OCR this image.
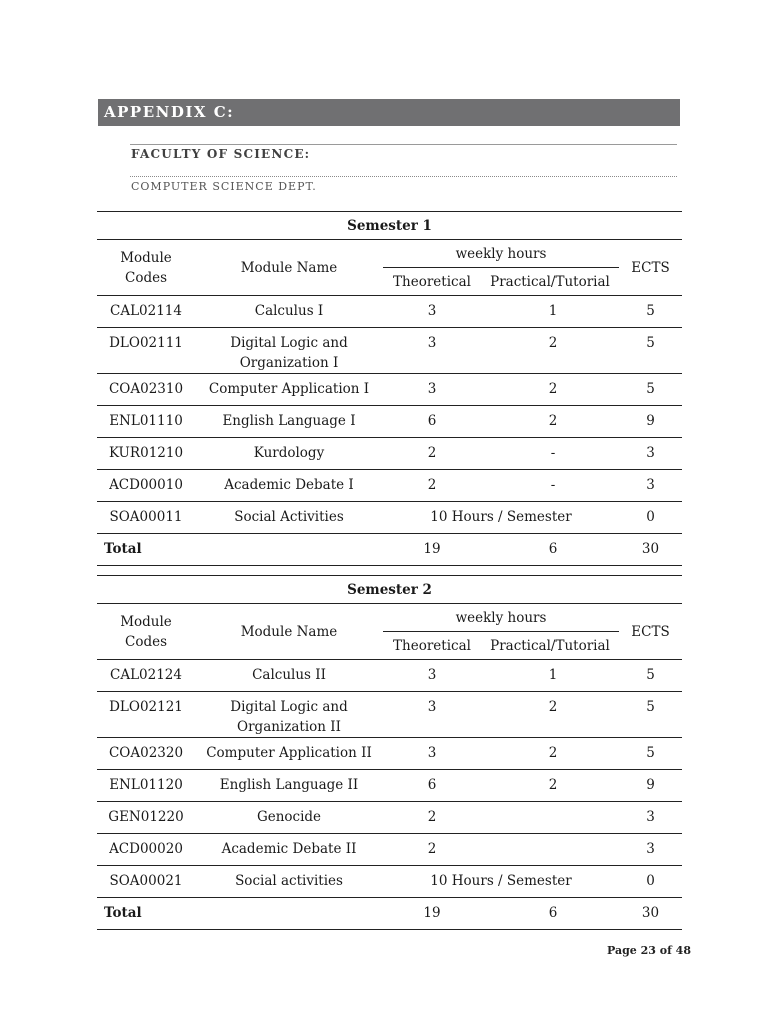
APPENDIX C:
FACULTY OF SCIENCE:
COMPUTER SCIENCE DEPT.
Semester 1				
Module
Codes	Module Name	weekly hours		ECTS
		Theoretical	Practical/Tutorial	
CAL02114	Calculus I	3	1	5
DLO02111	Digital Logic and Organization I	3	2	5
COA02310	Computer Application I	3	2	5
ENL01110	English Language I	6	2	9
KUR01210	Kurdology	2	-	3
ACD00010	Academic Debate I	2	-	3
SOA00011	Social Activities	10 Hours / Semester		0
Total		19	6	30
Semester 2				
Module
Codes	Module Name	weekly hours		ECTS
		Theoretical	Practical/Tutorial	
CAL02124	Calculus II	3	1	5
DLO02121	Digital Logic and Organization II	3	2	5
COA02320	Computer Application II	3	2	5
ENL01120	English Language II	6	2	9
GEN01220	Genocide	2		3
ACD00020	Academic Debate II	2		3
SOA00021	Social activities	10 Hours / Semester		0
Total		19	6	30
Page 23 of 48
